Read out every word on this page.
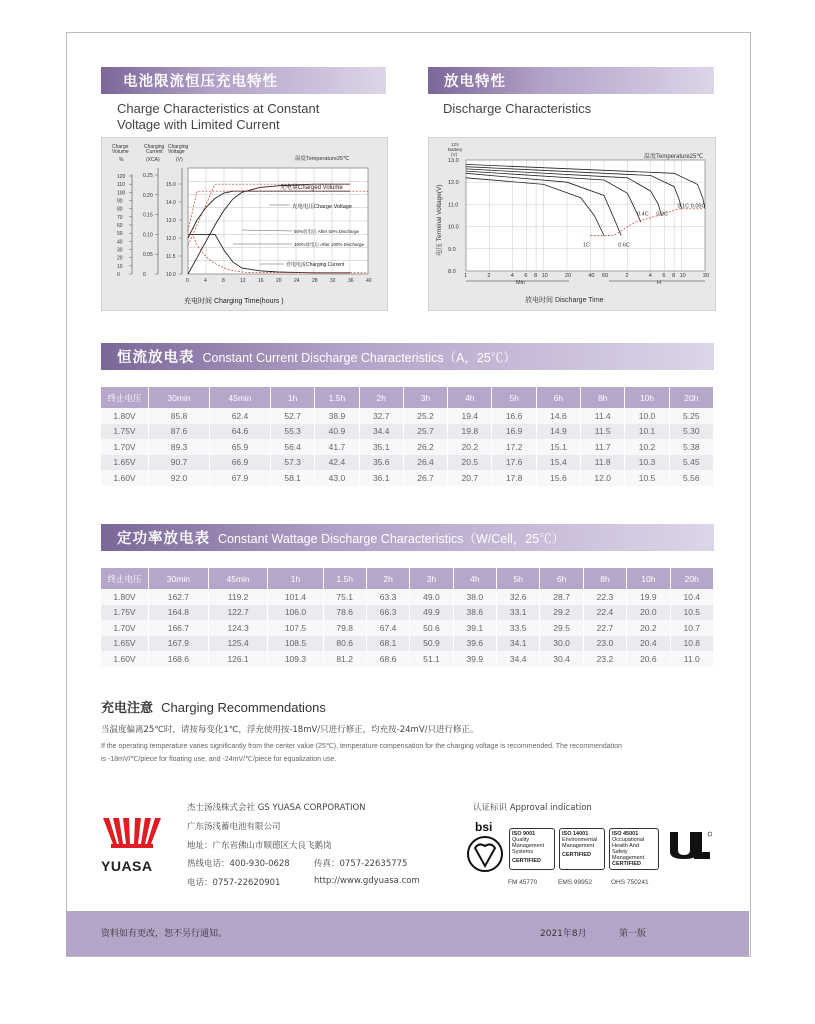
电池限流恒压充电特性
Charge Characteristics at Constant
Voltage with Limited Current
Charge
Volume
%
Charging
Current
(XCA)
Charging
Voltage
(V)	温度Temperature25℃
120
110
100
90
80
70
60
50
40
30
20
10
0
0.25
0.20
0.15
0.10
0.05
0
15.0
14.0
13.0
12.0
11.5
10.0
0	4	8	12 16 20 24 28 32 36 40
充电量Charged Volume
充电电压Charge Voltage
50%放电后 After 50% Discharge
100%放电后 After 100% Discharge
充电电流Charging Current
充电时间 Charging Time(hours )
放电特性
Discharge Characteristics
12V
Battery
(V)	温度Temperature25℃
电压 Terminal Voltage(V)
1	2	4 6 8 10	20	40 60	2	4 6 8 10	20
13.0
12.0
11.0
10.0
9.0
8.0
1C	0.6C
0.4C 0.2C
0.1C 0.05C
Min	H
放电时间 Discharge Time
恒流放电表 Constant Current Discharge Characteristics（A，25℃）
终止电压	30min	45min	1h	1.5h	2h	3h	4h	5h	6h	8h	10h	20h
1.80V	85.8	62.4	52.7	38.9	32.7	25.2	19.4	16.6	14.6	11.4	10.0	5.25
1.75V	87.6	64.6	55.3	40.9	34.4	25.7	19.8	16.9	14.9	11.5	10.1	5.30
1.70V	89.3	65.9	56.4	41.7	35.1	26.2	20.2	17.2	15.1	11.7	10.2	5.38
1.65V	90.7	66.9	57.3	42.4	35.6	26.4	20.5	17.6	15.4	11.8	10.3	5.45
1.60V	92.0	67.9	58.1	43.0	36.1	26.7	20.7	17.8	15.6	12.0	10.5	5.56
定功率放电表 Constant Wattage Discharge Characteristics（W/Cell，25℃）
终止电压	30min	45min	1h	1.5h	2h	3h	4h	5h	6h	8h	10h	20h
1.80V	162.7	119.2	101.4	75.1	63.3	49.0	38.0	32.6	28.7	22.3	19.9	10.4
1.75V	164.8	122.7	106.0	78.6	66.3	49.9	38.6	33.1	29.2	22.4	20.0	10.5
1.70V	166.7	124.3	107.5	79.8	67.4	50.6	39.1	33.5	29.5	22.7	20.2	10.7
1.65V	167.9	125.4	108.5	80.6	68.1	50.9	39.6	34.1	30.0	23.0	20.4	10.8
1.60V	168.6	126.1	109.3	81.2	68.6	51.1	39.9	34.4	30.4	23.2	20.6	11.0
充电注意 Charging Recommendations
当温度偏离25℃时，请按每变化1℃，浮充使用按-18mV/只进行修正，均充按-24mV/只进行修正。
If the operating temperature varies significantly from the center value (25℃), temperature compensation for the charging voltage is recommended. The recommendation
is -18mV/℃/piece for floating use, and -24mV/℃/piece for equalization use.
YUASA
杰士汤浅株式会社 GS YUASA CORPORATION
广东汤浅蓄电池有限公司
地址：广东省佛山市顺德区大良飞鹅岗
热线电话：400-930-0628	传真：0757-22635775
电话：0757-22620901	http://www.gdyuasa.com
认证标识 Approval indication
bsi	ISO 9001
Quality Management Systems
CERTIFIED
ISO 14001
Environmental Management
CERTIFIED
ISO 45001
Occupational Health And Safety Management
CERTIFIED
FM 45770	EMS 99952	OHS 750241
资料如有更改，恕不另行通知。	2021年8月	第一版
